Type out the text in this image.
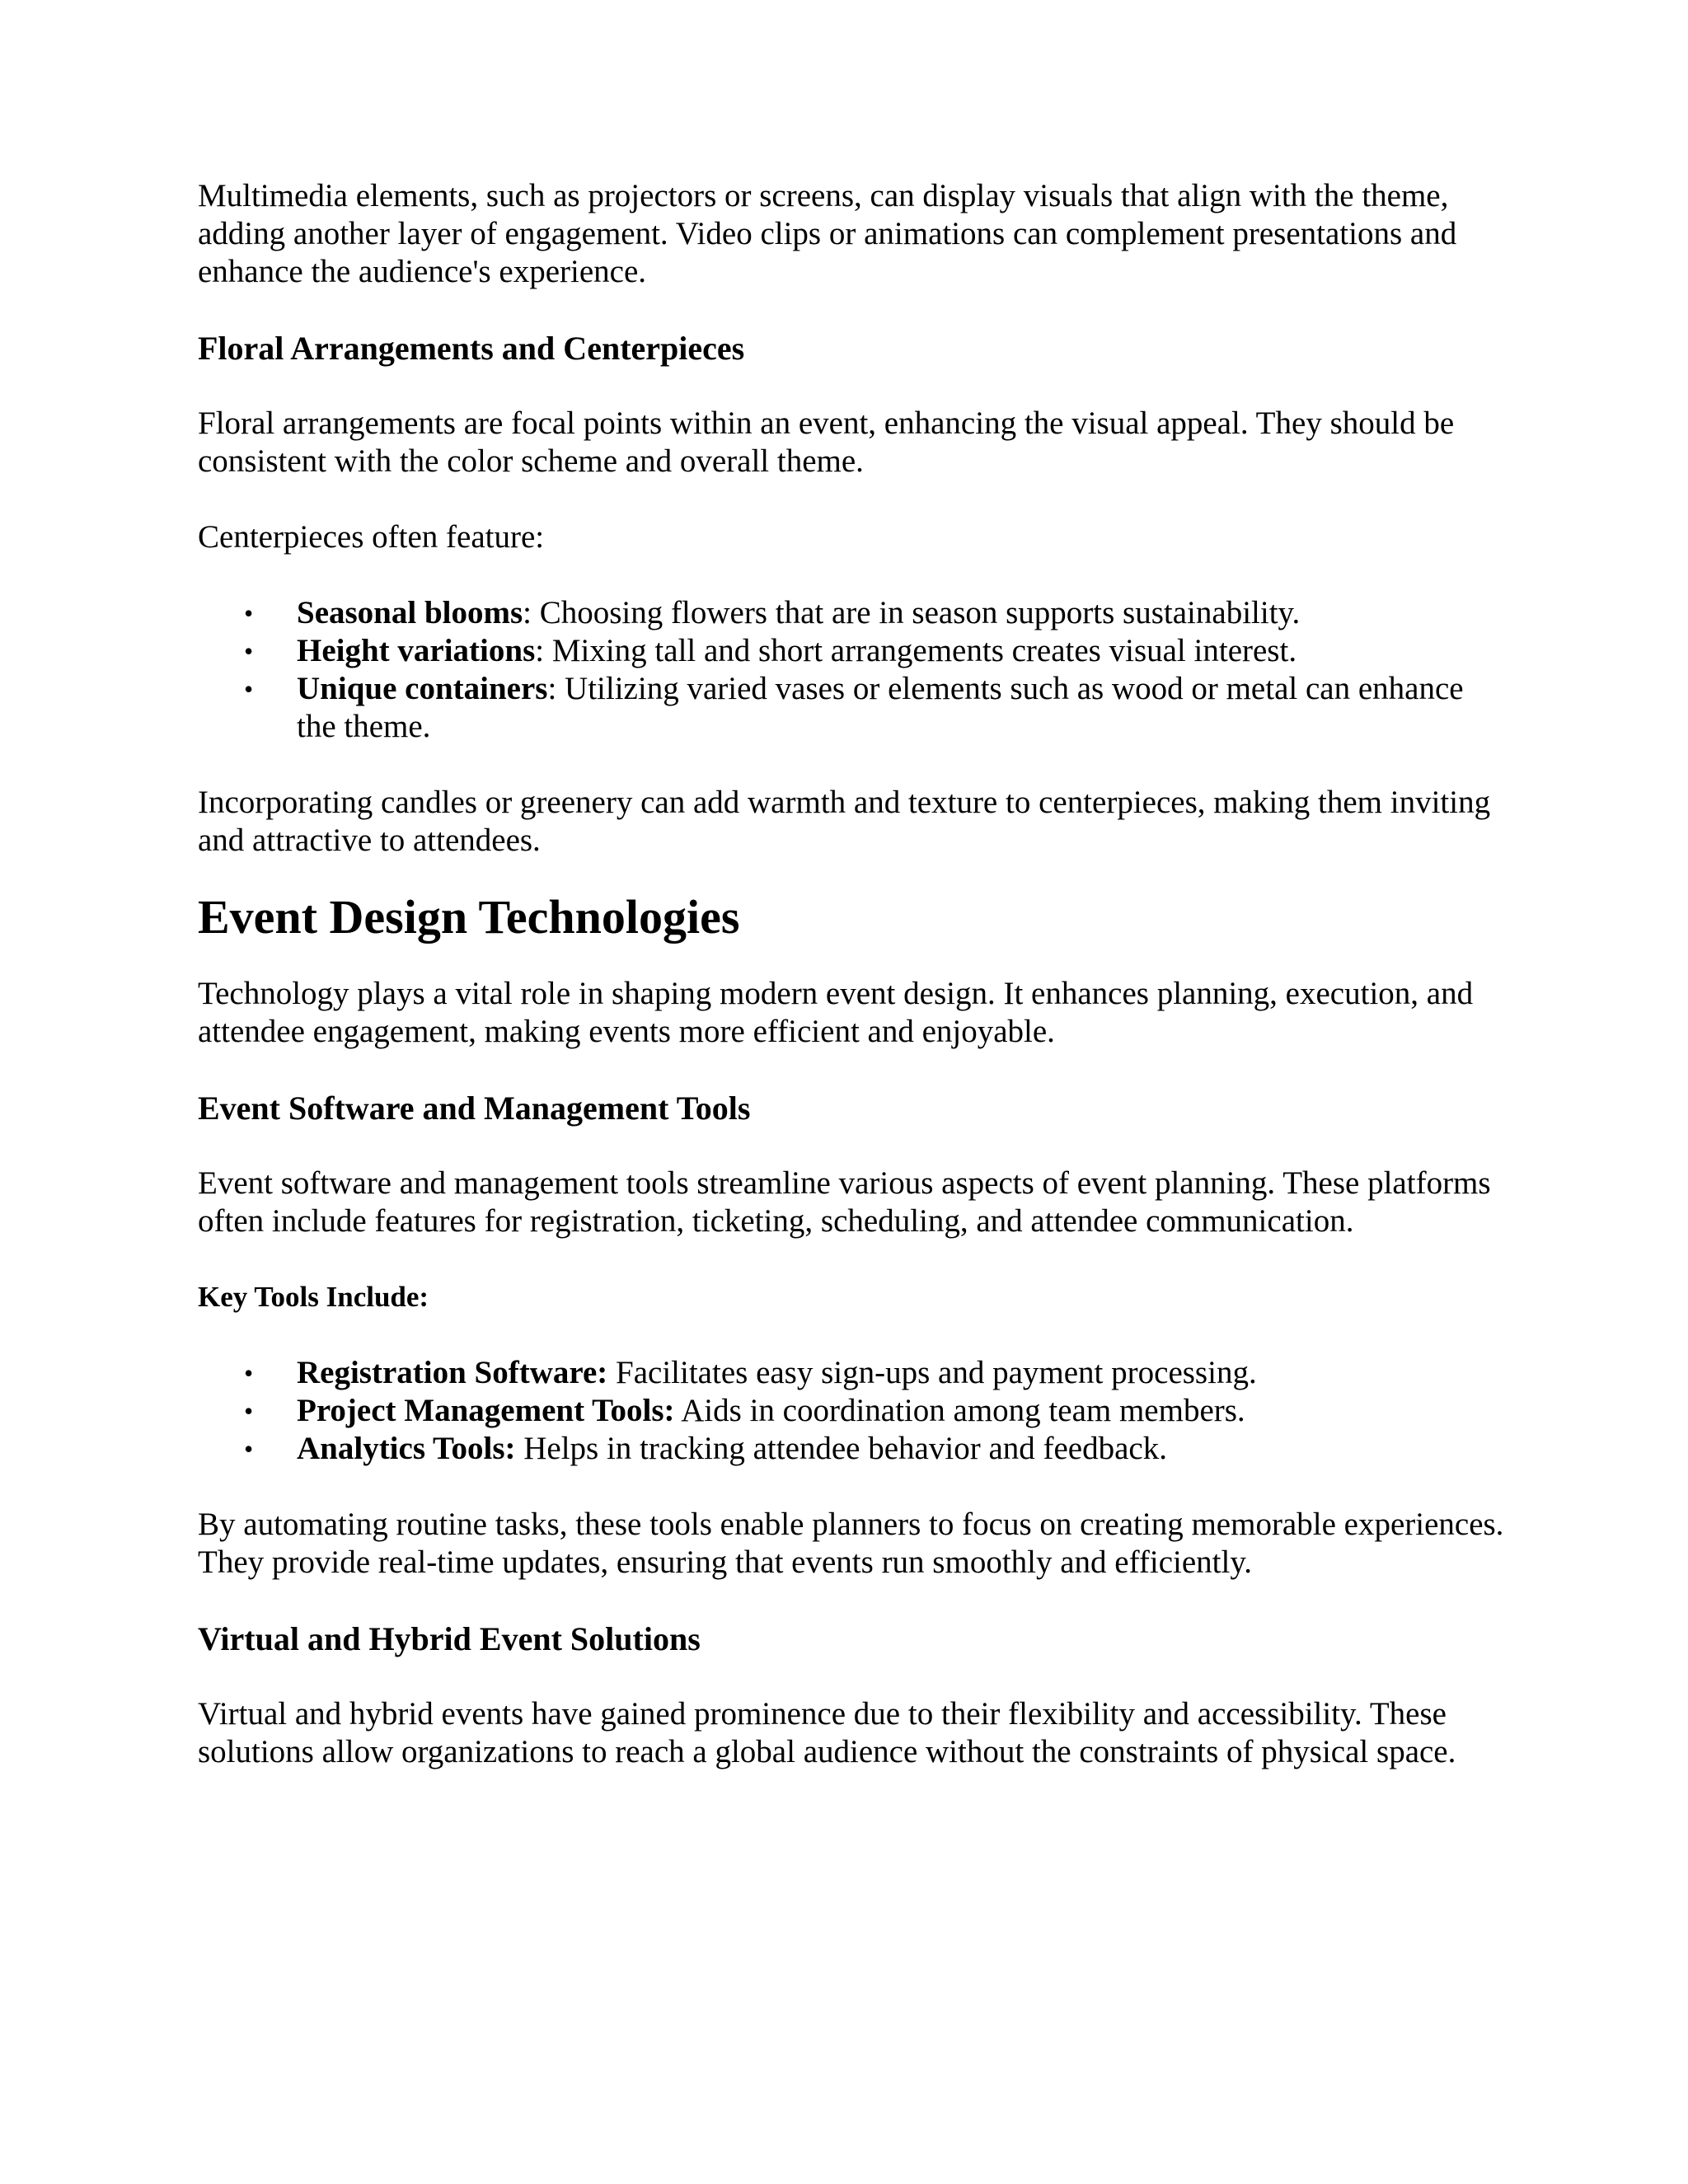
Multimedia elements, such as projectors or screens, can display visuals that align with the theme, adding another layer of engagement. Video clips or animations can complement presentations and enhance the audience's experience.

Floral Arrangements and Centerpieces

Floral arrangements are focal points within an event, enhancing the visual appeal. They should be consistent with the color scheme and overall theme.

Centerpieces often feature:

• Seasonal blooms: Choosing flowers that are in season supports sustainability.
• Height variations: Mixing tall and short arrangements creates visual interest.
• Unique containers: Utilizing varied vases or elements such as wood or metal can enhance the theme.

Incorporating candles or greenery can add warmth and texture to centerpieces, making them inviting and attractive to attendees.

Event Design Technologies

Technology plays a vital role in shaping modern event design. It enhances planning, execution, and attendee engagement, making events more efficient and enjoyable.

Event Software and Management Tools

Event software and management tools streamline various aspects of event planning. These platforms often include features for registration, ticketing, scheduling, and attendee communication.

Key Tools Include:
• Registration Software: Facilitates easy sign-ups and payment processing.
• Project Management Tools: Aids in coordination among team members.
• Analytics Tools: Helps in tracking attendee behavior and feedback.

By automating routine tasks, these tools enable planners to focus on creating memorable experiences. They provide real-time updates, ensuring that events run smoothly and efficiently.

Virtual and Hybrid Event Solutions

Virtual and hybrid events have gained prominence due to their flexibility and accessibility. These solutions allow organizations to reach a global audience without the constraints of physical space.
